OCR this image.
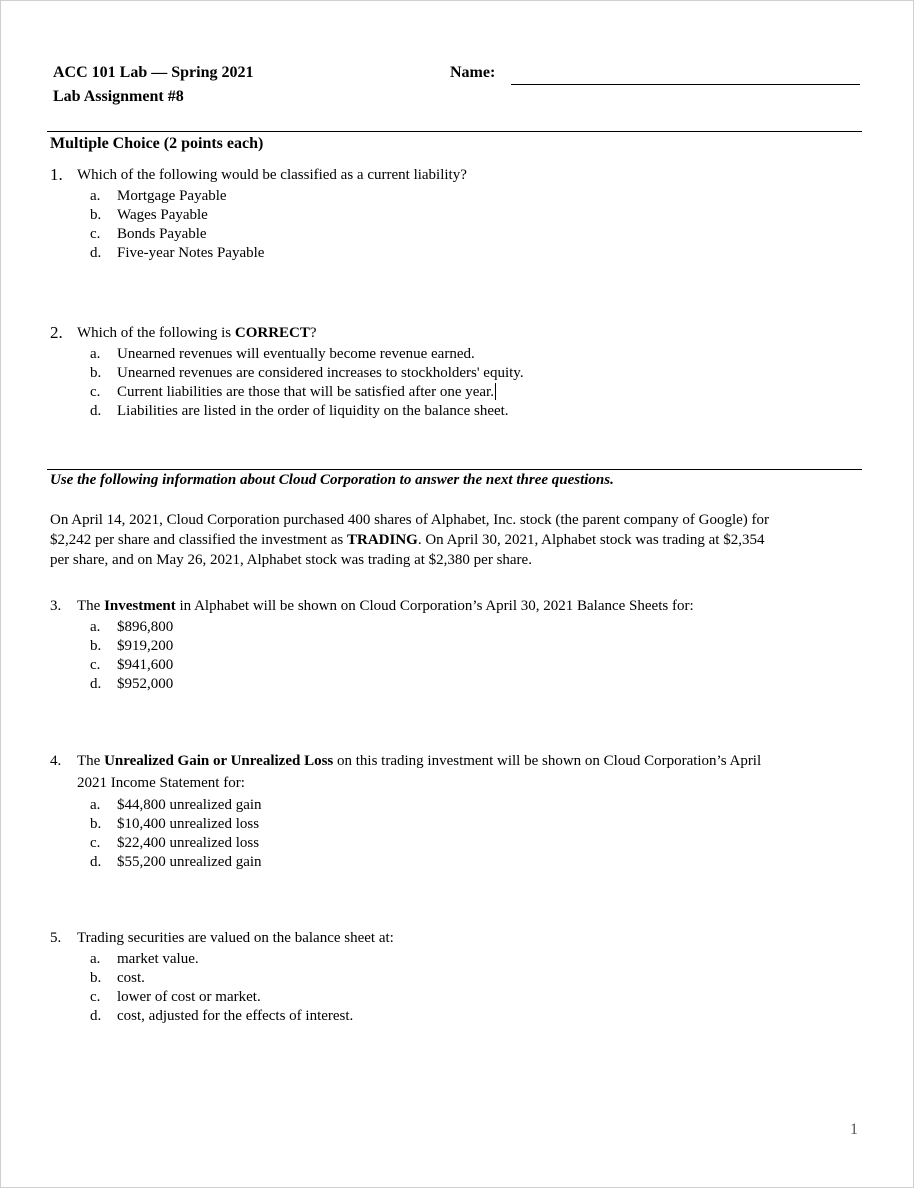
ACC 101 Lab — Spring 2021
Lab Assignment #8
Name:
Multiple Choice (2 points each)
1. Which of the following would be classified as a current liability?
a.	Mortgage Payable
b.	Wages Payable
c.	Bonds Payable
d.	Five-year Notes Payable
2. Which of the following is CORRECT?
a.	Unearned revenues will eventually become revenue earned.
b.	Unearned revenues are considered increases to stockholders' equity.
c.	Current liabilities are those that will be satisfied after one year.
d.	Liabilities are listed in the order of liquidity on the balance sheet.
Use the following information about Cloud Corporation to answer the next three questions.
On April 14, 2021, Cloud Corporation purchased 400 shares of Alphabet, Inc. stock (the parent company of Google) for
$2,242 per share and classified the investment as TRADING. On April 30, 2021, Alphabet stock was trading at $2,354
per share, and on May 26, 2021, Alphabet stock was trading at $2,380 per share.
3. The Investment in Alphabet will be shown on Cloud Corporation’s April 30, 2021 Balance Sheets for:
a.	$896,800
b.	$919,200
c.	$941,600
d.	$952,000
4. The Unrealized Gain or Unrealized Loss on this trading investment will be shown on Cloud Corporation’s April
2021 Income Statement for:
a.	$44,800 unrealized gain
b.	$10,400 unrealized loss
c.	$22,400 unrealized loss
d.	$55,200 unrealized gain
5. Trading securities are valued on the balance sheet at:
a.	market value.
b.	cost.
c.	lower of cost or market.
d.	cost, adjusted for the effects of interest.
1
